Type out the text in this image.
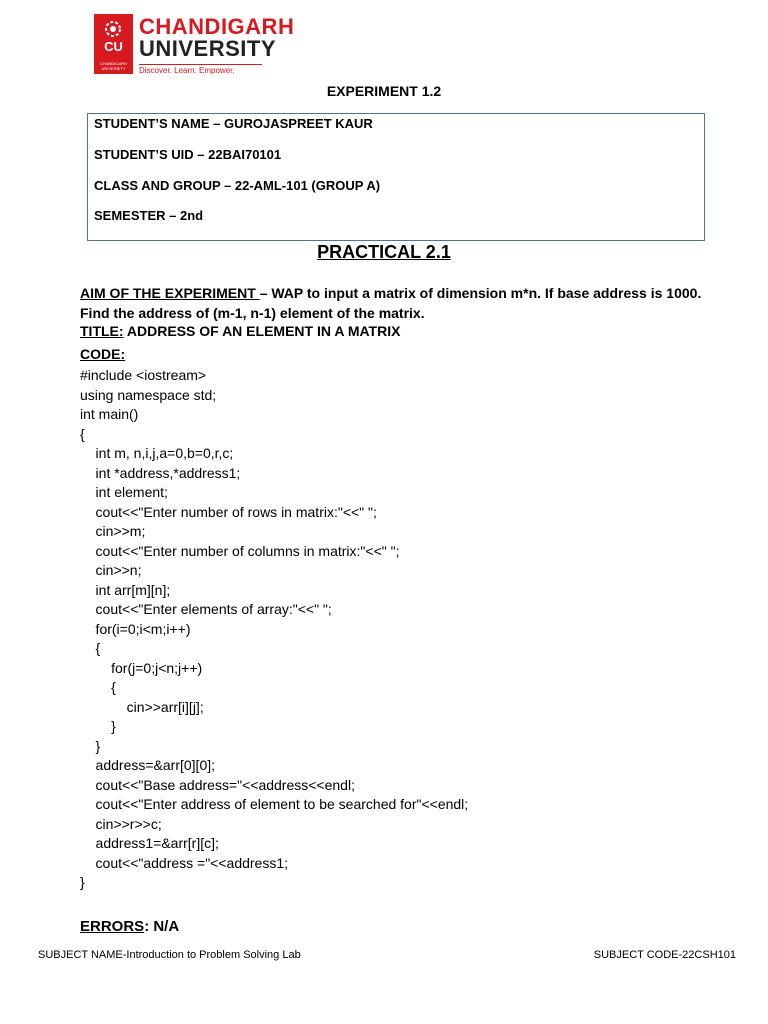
CU
CHANDIGARH UNIVERSITY
CHANDIGARH
UNIVERSITY
Discover. Learn. Empower.
EXPERIMENT 1.2
STUDENT’S NAME – GUROJASPREET KAUR
STUDENT’S UID – 22BAI70101
CLASS AND GROUP – 22-AML-101 (GROUP A)
SEMESTER – 2nd
PRACTICAL 2.1
AIM OF THE EXPERIMENT – WAP to input a matrix of dimension m*n. If base address is 1000. Find the address of (m-1, n-1) element of the matrix.
TITLE: ADDRESS OF AN ELEMENT IN A MATRIX
CODE:
#include <iostream>
using namespace std;
int main()
{
int m, n,i,j,a=0,b=0,r,c;
int *address,*address1;
int element;
cout<<"Enter number of rows in matrix:"<<" ";
cin>>m;
cout<<"Enter number of columns in matrix:"<<" ";
cin>>n;
int arr[m][n];
cout<<"Enter elements of array:"<<" ";
for(i=0;i<m;i++)
{
for(j=0;j<n;j++)
{
cin>>arr[i][j];
}
}
address=&arr[0][0];
cout<<"Base address="<<address<<endl;
cout<<"Enter address of element to be searched for"<<endl;
cin>>r>>c;
address1=&arr[r][c];
cout<<"address ="<<address1;
}
ERRORS: N/A
SUBJECT NAME-Introduction to Problem Solving Lab	SUBJECT CODE-22CSH101
